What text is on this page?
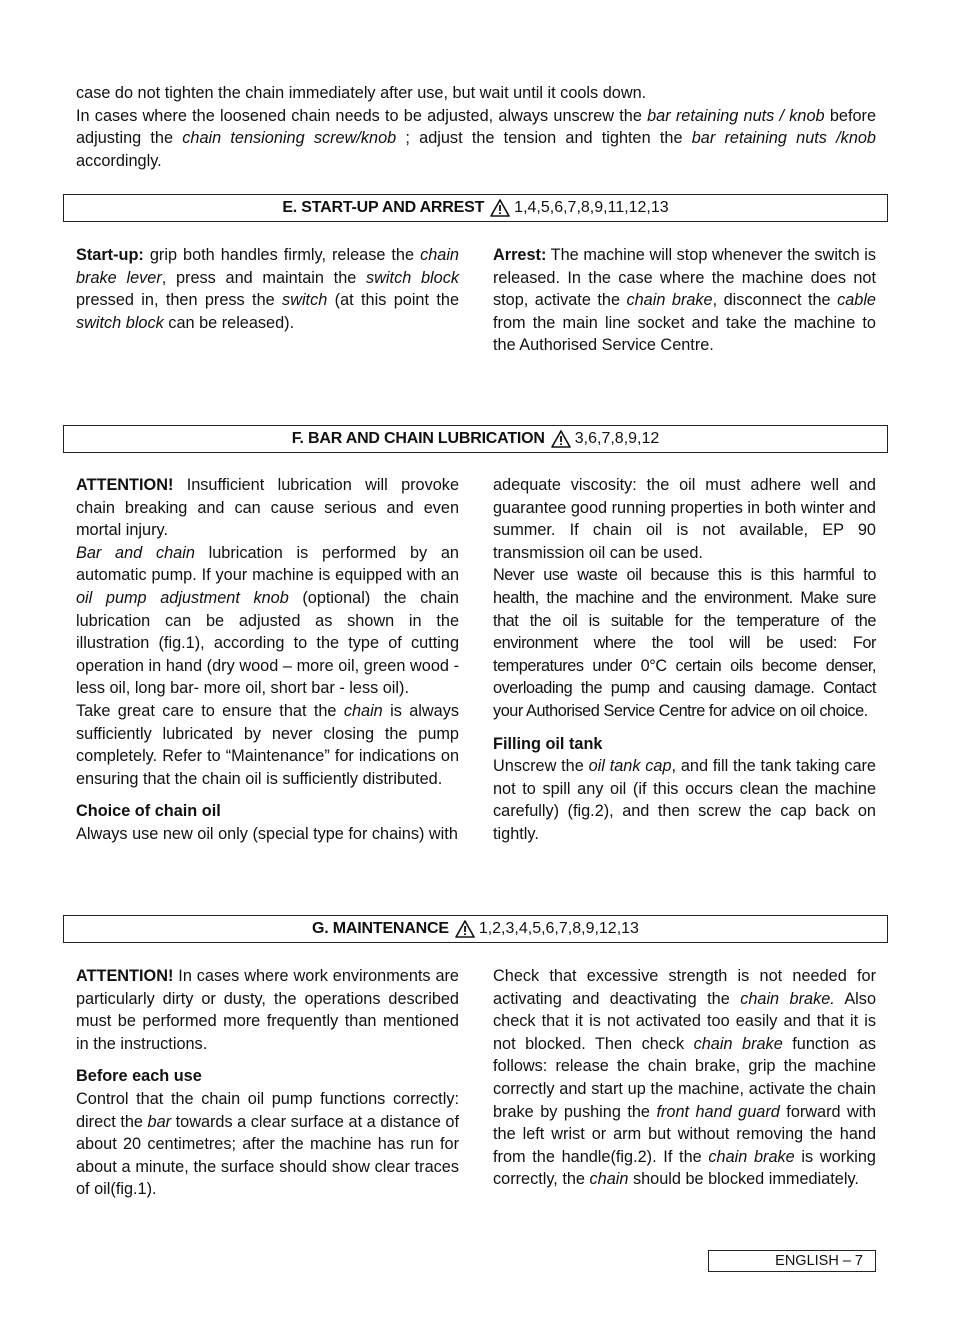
case do not tighten the chain immediately after use, but wait until it cools down.

In cases where the loosened chain needs to be adjusted, always unscrew the bar retaining nuts / knob before adjusting the chain tensioning screw/knob ; adjust the tension and tighten the bar retaining nuts /knob accordingly.

E. START-UP AND ARREST 1,4,5,6,7,8,9,11,12,13

Start-up: grip both handles firmly, release the chain brake lever, press and maintain the switch block pressed in, then press the switch (at this point the switch block can be released).

Arrest: The machine will stop whenever the switch is released. In the case where the machine does not stop, activate the chain brake, disconnect the cable from the main line socket and take the machine to the Authorised Service Centre.

F. BAR AND CHAIN LUBRICATION 3,6,7,8,9,12

ATTENTION! Insufficient lubrication will provoke chain breaking and can cause serious and even mortal injury.

Bar and chain lubrication is performed by an automatic pump. If your machine is equipped with an oil pump adjustment knob (optional) the chain lubrication can be adjusted as shown in the illustration (fig.1), according to the type of cutting operation in hand (dry wood – more oil, green wood - less oil, long bar- more oil, short bar - less oil).

Take great care to ensure that the chain is always sufficiently lubricated by never closing the pump completely. Refer to “Maintenance” for indications on ensuring that the chain oil is sufficiently distributed.

Choice of chain oil

Always use new oil only (special type for chains) with

adequate viscosity: the oil must adhere well and guarantee good running properties in both winter and summer. If chain oil is not available, EP 90 transmission oil can be used.

Never use waste oil because this is this harmful to health, the machine and the environment. Make sure that the oil is suitable for the temperature of the environment where the tool will be used: For temperatures under 0°C certain oils become denser, overloading the pump and causing damage. Contact your Authorised Service Centre for advice on oil choice.

Filling oil tank

Unscrew the oil tank cap, and fill the tank taking care not to spill any oil (if this occurs clean the machine carefully) (fig.2), and then screw the cap back on tightly.

G. MAINTENANCE 1,2,3,4,5,6,7,8,9,12,13

ATTENTION! In cases where work environments are particularly dirty or dusty, the operations described must be performed more frequently than mentioned in the instructions.

Before each use

Control that the chain oil pump functions correctly: direct the bar towards a clear surface at a distance of about 20 centimetres; after the machine has run for about a minute, the surface should show clear traces of oil(fig.1).

Check that excessive strength is not needed for activating and deactivating the chain brake. Also check that it is not activated too easily and that it is not blocked. Then check chain brake function as follows: release the chain brake, grip the machine correctly and start up the machine, activate the chain brake by pushing the front hand guard forward with the left wrist or arm but without removing the hand from the handle(fig.2). If the chain brake is working correctly, the chain should be blocked immediately.

ENGLISH – 7
